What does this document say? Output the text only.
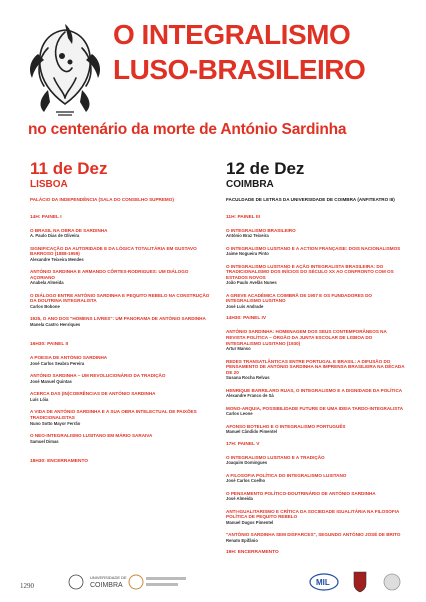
O INTEGRALISMO
LUSO-BRASILEIRO
no centenário da morte de António Sardinha
11 de Dez
LISBOA
PALÁCIO DA INDEPENDÊNCIA (SALA DO CONSELHO SUPREMO)
14H: PAINEL I
O BRASIL NA OBRA DE SARDINHA
A. Paulo Dias de Oliveira
SIGNIFICAÇÃO DA AUTORIDADE E DA LÓGICA TOTALITÁRIA EM GUSTAVO BARROSO (1888-1959)
Alexandre Teixeira Mendes
ANTÓNIO SARDINHA E ARMANDO CÔRTES-RODRIGUES: UM DIÁLOGO AÇORIANO
Anabela Almeida
O DIÁLOGO ENTRE ANTÓNIO SARDINHA E PEQUITO REBELO NA CONSTRUÇÃO DA DOUTRINA INTEGRALISTA
Carlos Bobone
1925, O ANO DOS "HOMENS LIVRES": UM PANORAMA DE ANTÓNIO SARDINHA
Manela Castro Henriques
16H30: PAINEL II
A POESIA DE ANTÓNIO SARDINHA
José Carlos Seabra Pereira
ANTÓNIO SARDINHA – UM REVOLUCIONÁRIO DA TRADIÇÃO
José Manuel Quintas
ACERCA DAS (IN)COERÊNCIAS DE ANTÓNIO SARDINHA
Luís Lóia
A VIDA DE ANTÓNIO SARDINHA E A SUA OBRA INTELECTUAL DE PAIXÕES TRADICIONALISTAS
Nuno Sotto Mayor Ferrão
O NEO-INTEGRALISMO LUSITANO EM MÁRIO SARAIVA
Samuel Dimas
18H30: ENCERRAMENTO
12 de Dez
COIMBRA
FACULDADE DE LETRAS DA UNIVERSIDADE DE COIMBRA (ANFITEATRO III)
11H: PAINEL III
O INTEGRALISMO BRASILEIRO
António Braz Teixeira
O INTEGRALISMO LUSITANO E A ACTION FRANÇAISE: DOIS NACIONALISMOS
Jaime Nogueira Pinto
O INTEGRALISMO LUSITANO E AÇÃO INTEGRALISTA BRASILEIRA: DO TRADICIONALISMO DOS INÍCIOS DO SÉCULO XX AO CONFRONTO COM OS ESTADOS NOVOS
João Paulo Avelãs Nunes
A GREVE ACADÉMICA COIMBRÃ DE 1907 E OS FUNDADORES DO INTEGRALISMO LUSITANO
José Luís Andrade
14H30: PAINEL IV
ANTÓNIO SARDINHA: HOMENAGEM DOS SEUS CONTEMPORÂNEOS NA REVISTA POLÍTICA – ÓRGÃO DA JUNTA ESCOLAR DE LISBOA DO INTEGRALISMO LUSITANO (1930)
Artur Manso
REDES TRANSATLÂNTICAS ENTRE PORTUGAL E BRASIL: A DIFUSÃO DO PENSAMENTO DE ANTÓNIO SARDINHA NA IMPRENSA BRASILEIRA NA DÉCADA DE 20
Susana Rocha Relvas
HENRIQUE BARRILARO RUAS, O INTEGRALISMO E A DIGNIDADE DA POLÍTICA
Alexandre Franco de Sá
MONO-ARQUIA, POSSIBILIDADE FUTURE DE UMA IDEIA TARDO-INTEGRALISTA
Carlos Leone
AFONSO BOTELHO E O INTEGRALISMO PORTUGUÊS
Manuel Cândido Pimentel
17H: PAINEL V
O INTEGRALISMO LUSITANO E A TRADIÇÃO
Joaquim Domingues
A FILOSOFIA POLÍTICA DO INTEGRALISMO LUSITANO
José Carlos Coelho
O PENSAMENTO POLÍTICO-DOUTRINÁRIO DE ANTÓNIO SARDINHA
José Almeida
ANTI-IGUALITARISMO E CRÍTICA DA SOCIEDADE IGUALITÁRIA NA FILOSOFIA POLÍTICA DE PEQUITO REBELO
Manuel Dugos Pimentel
"ANTÓNIO SARDINHA SEM DISFARCES", SEGUNDO ANTÓNIO JOSÉ DE BRITO
Renato Epifânio
19H: ENCERRAMENTO
1290
UNIVERSIDADE DE
COIMBRA	MIL
